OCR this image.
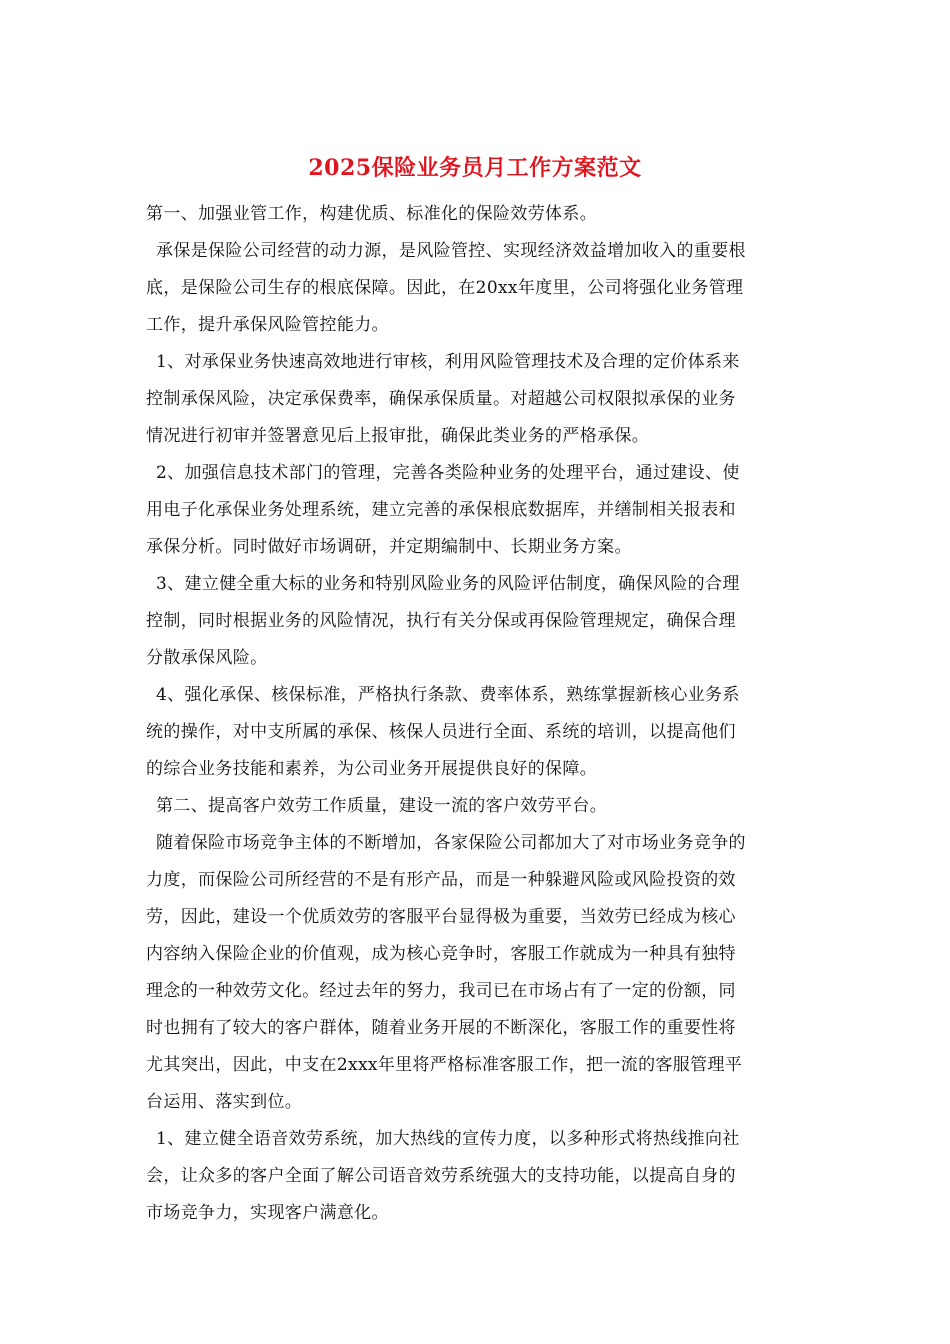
2025保险业务员月工作方案范文
第一、加强业管工作，构建优质、标准化的保险效劳体系。
承保是保险公司经营的动力源，是风险管控、实现经济效益增加收入的重要根
底，是保险公司生存的根底保障。因此，在20xx年度里，公司将强化业务管理
工作，提升承保风险管控能力。
1、对承保业务快速高效地进行审核，利用风险管理技术及合理的定价体系来
控制承保风险，决定承保费率，确保承保质量。对超越公司权限拟承保的业务
情况进行初审并签署意见后上报审批，确保此类业务的严格承保。
2、加强信息技术部门的管理，完善各类险种业务的处理平台，通过建设、使
用电子化承保业务处理系统，建立完善的承保根底数据库，并缮制相关报表和
承保分析。同时做好市场调研，并定期编制中、长期业务方案。
3、建立健全重大标的业务和特别风险业务的风险评估制度，确保风险的合理
控制，同时根据业务的风险情况，执行有关分保或再保险管理规定，确保合理
分散承保风险。
4、强化承保、核保标准，严格执行条款、费率体系，熟练掌握新核心业务系
统的操作，对中支所属的承保、核保人员进行全面、系统的培训，以提高他们
的综合业务技能和素养，为公司业务开展提供良好的保障。
第二、提高客户效劳工作质量，建设一流的客户效劳平台。
随着保险市场竞争主体的不断增加，各家保险公司都加大了对市场业务竞争的
力度，而保险公司所经营的不是有形产品，而是一种躲避风险或风险投资的效
劳，因此，建设一个优质效劳的客服平台显得极为重要，当效劳已经成为核心
内容纳入保险企业的价值观，成为核心竞争时，客服工作就成为一种具有独特
理念的一种效劳文化。经过去年的努力，我司已在市场占有了一定的份额，同
时也拥有了较大的客户群体，随着业务开展的不断深化，客服工作的重要性将
尤其突出，因此，中支在2xxx年里将严格标准客服工作，把一流的客服管理平
台运用、落实到位。
1、建立健全语音效劳系统，加大热线的宣传力度，以多种形式将热线推向社
会，让众多的客户全面了解公司语音效劳系统强大的支持功能，以提高自身的
市场竞争力，实现客户满意化。
